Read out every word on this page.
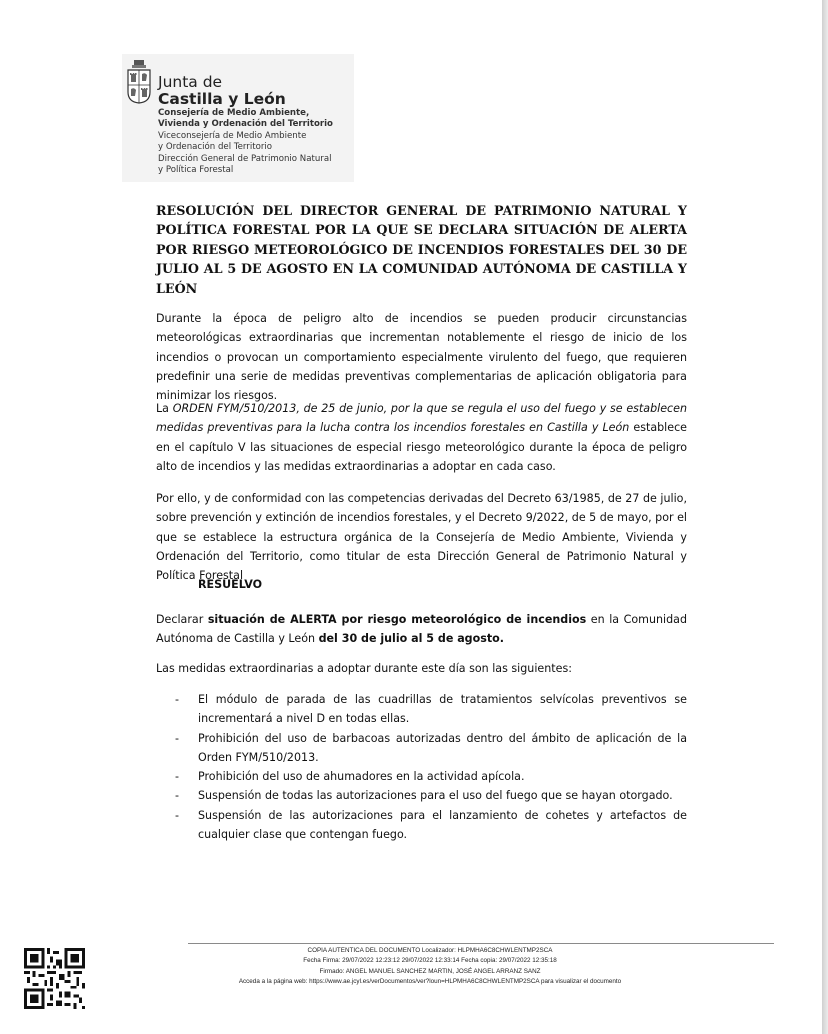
Junta de
Castilla y León
Consejería de Medio Ambiente,
Vivienda y Ordenación del Territorio
Viceconsejería de Medio Ambiente
y Ordenación del Territorio
Dirección General de Patrimonio Natural
y Política Forestal
RESOLUCIÓN DEL DIRECTOR GENERAL DE PATRIMONIO NATURAL Y POLÍTICA FORESTAL POR LA QUE SE DECLARA SITUACIÓN DE ALERTA POR RIESGO METEOROLÓGICO DE INCENDIOS FORESTALES DEL 30 DE JULIO AL 5 DE AGOSTO EN LA COMUNIDAD AUTÓNOMA DE CASTILLA Y LEÓN
Durante la época de peligro alto de incendios se pueden producir circunstancias meteorológicas extraordinarias que incrementan notablemente el riesgo de inicio de los incendios o provocan un comportamiento especialmente virulento del fuego, que requieren predefinir una serie de medidas preventivas complementarias de aplicación obligatoria para minimizar los riesgos.
La ORDEN FYM/510/2013, de 25 de junio, por la que se regula el uso del fuego y se establecen medidas preventivas para la lucha contra los incendios forestales en Castilla y León establece en el capítulo V las situaciones de especial riesgo meteorológico durante la época de peligro alto de incendios y las medidas extraordinarias a adoptar en cada caso.
Por ello, y de conformidad con las competencias derivadas del Decreto 63/1985, de 27 de julio, sobre prevención y extinción de incendios forestales, y el Decreto 9/2022, de 5 de mayo, por el que se establece la estructura orgánica de la Consejería de Medio Ambiente, Vivienda y Ordenación del Territorio, como titular de esta Dirección General de Patrimonio Natural y Política Forestal
RESUELVO
Declarar situación de ALERTA por riesgo meteorológico de incendios en la Comunidad Autónoma de Castilla y León del 30 de julio al 5 de agosto.
Las medidas extraordinarias a adoptar durante este día son las siguientes:
- El módulo de parada de las cuadrillas de tratamientos selvícolas preventivos se incrementará a nivel D en todas ellas.
- Prohibición del uso de barbacoas autorizadas dentro del ámbito de aplicación de la Orden FYM/510/2013.
- Prohibición del uso de ahumadores en la actividad apícola.
- Suspensión de todas las autorizaciones para el uso del fuego que se hayan otorgado.
- Suspensión de las autorizaciones para el lanzamiento de cohetes y artefactos de cualquier clase que contengan fuego.
COPIA AUTENTICA DEL DOCUMENTO Localizador: HLPMHA6C8CHWLENTMP2SCA
Fecha Firma: 29/07/2022 12:23:12 29/07/2022 12:33:14 Fecha copia: 29/07/2022 12:35:18
Firmado: ANGEL MANUEL SANCHEZ MARTIN, JOSÉ ANGEL ARRANZ SANZ
Acceda a la página web: https://www.ae.jcyl.es/verDocumentos/ver?loun=HLPMHA6C8CHWLENTMP2SCA para visualizar el documento
